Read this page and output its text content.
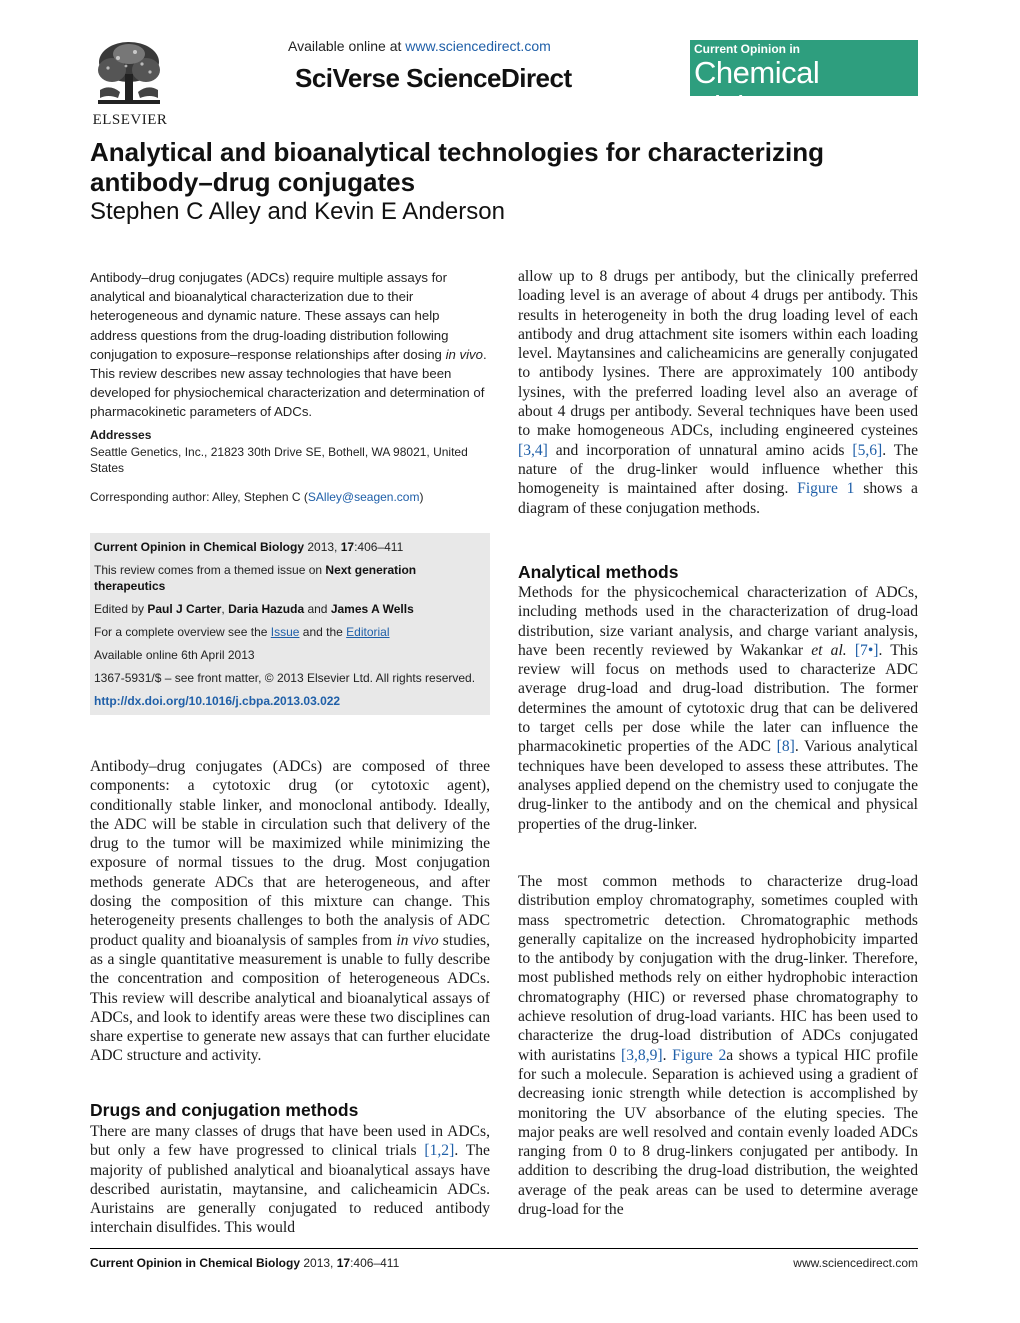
ELSEVIER
Available online at www.sciencedirect.com
SciVerse ScienceDirect
Current Opinion in
Chemical Biology
Analytical and bioanalytical technologies for characterizing antibody–drug conjugates
Stephen C Alley and Kevin E Anderson
Antibody–drug conjugates (ADCs) require multiple assays for analytical and bioanalytical characterization due to their heterogeneous and dynamic nature. These assays can help address questions from the drug-loading distribution following conjugation to exposure–response relationships after dosing in vivo. This review describes new assay technologies that have been developed for physiochemical characterization and determination of pharmacokinetic parameters of ADCs.
Addresses
Seattle Genetics, Inc., 21823 30th Drive SE, Bothell, WA 98021, United States
Corresponding author: Alley, Stephen C (SAlley@seagen.com)
Current Opinion in Chemical Biology 2013, 17:406–411
This review comes from a themed issue on Next generation therapeutics
Edited by Paul J Carter, Daria Hazuda and James A Wells
For a complete overview see the Issue and the Editorial
Available online 6th April 2013
1367-5931/$ – see front matter, © 2013 Elsevier Ltd. All rights reserved.
http://dx.doi.org/10.1016/j.cbpa.2013.03.022

Antibody–drug conjugates (ADCs) are composed of three components: a cytotoxic drug (or cytotoxic agent), conditionally stable linker, and monoclonal antibody. Ideally, the ADC will be stable in circulation such that delivery of the drug to the tumor will be maximized while minimizing the exposure of normal tissues to the drug. Most conjugation methods generate ADCs that are heterogeneous, and after dosing the composition of this mixture can change. This heterogeneity presents challenges to both the analysis of ADC product quality and bioanalysis of samples from in vivo studies, as a single quantitative measurement is unable to fully describe the concentration and composition of heterogeneous ADCs. This review will describe analytical and bioanalytical assays of ADCs, and look to identify areas were these two disciplines can share expertise to generate new assays that can further elucidate ADC structure and activity.

Drugs and conjugation methods

There are many classes of drugs that have been used in ADCs, but only a few have progressed to clinical trials [1,2]. The majority of published analytical and bioanalytical assays have described auristatin, maytansine, and calicheamicin ADCs. Auristains are generally conjugated to reduced antibody interchain disulfides. This would

allow up to 8 drugs per antibody, but the clinically preferred loading level is an average of about 4 drugs per antibody. This results in heterogeneity in both the drug loading level of each antibody and drug attachment site isomers within each loading level. Maytansines and calicheamicins are generally conjugated to antibody lysines. There are approximately 100 antibody lysines, with the preferred loading level also an average of about 4 drugs per antibody. Several techniques have been used to make homogeneous ADCs, including engineered cysteines [3,4] and incorporation of unnatural amino acids [5,6]. The nature of the drug-linker would influence whether this homogeneity is maintained after dosing. Figure 1 shows a diagram of these conjugation methods.

Analytical methods

Methods for the physicochemical characterization of ADCs, including methods used in the characterization of drug-load distribution, size variant analysis, and charge variant analysis, have been recently reviewed by Wakankar et al. [7•]. This review will focus on methods used to characterize ADC average drug-load and drug-load distribution. The former determines the amount of cytotoxic drug that can be delivered to target cells per dose while the later can influence the pharmacokinetic properties of the ADC [8]. Various analytical techniques have been developed to assess these attributes. The analyses applied depend on the chemistry used to conjugate the drug-linker to the antibody and on the chemical and physical properties of the drug-linker.

The most common methods to characterize drug-load distribution employ chromatography, sometimes coupled with mass spectrometric detection. Chromatographic methods generally capitalize on the increased hydrophobicity imparted to the antibody by conjugation with the drug-linker. Therefore, most published methods rely on either hydrophobic interaction chromatography (HIC) or reversed phase chromatography to achieve resolution of drug-load variants. HIC has been used to characterize the drug-load distribution of ADCs conjugated with auristatins [3,8,9]. Figure 2a shows a typical HIC profile for such a molecule. Separation is achieved using a gradient of decreasing ionic strength while detection is accomplished by monitoring the UV absorbance of the eluting species. The major peaks are well resolved and contain evenly loaded ADCs ranging from 0 to 8 drug-linkers conjugated per antibody. In addition to describing the drug-load distribution, the weighted average of the peak areas can be used to determine average drug-load for the

Current Opinion in Chemical Biology 2013, 17:406–411	www.sciencedirect.com
